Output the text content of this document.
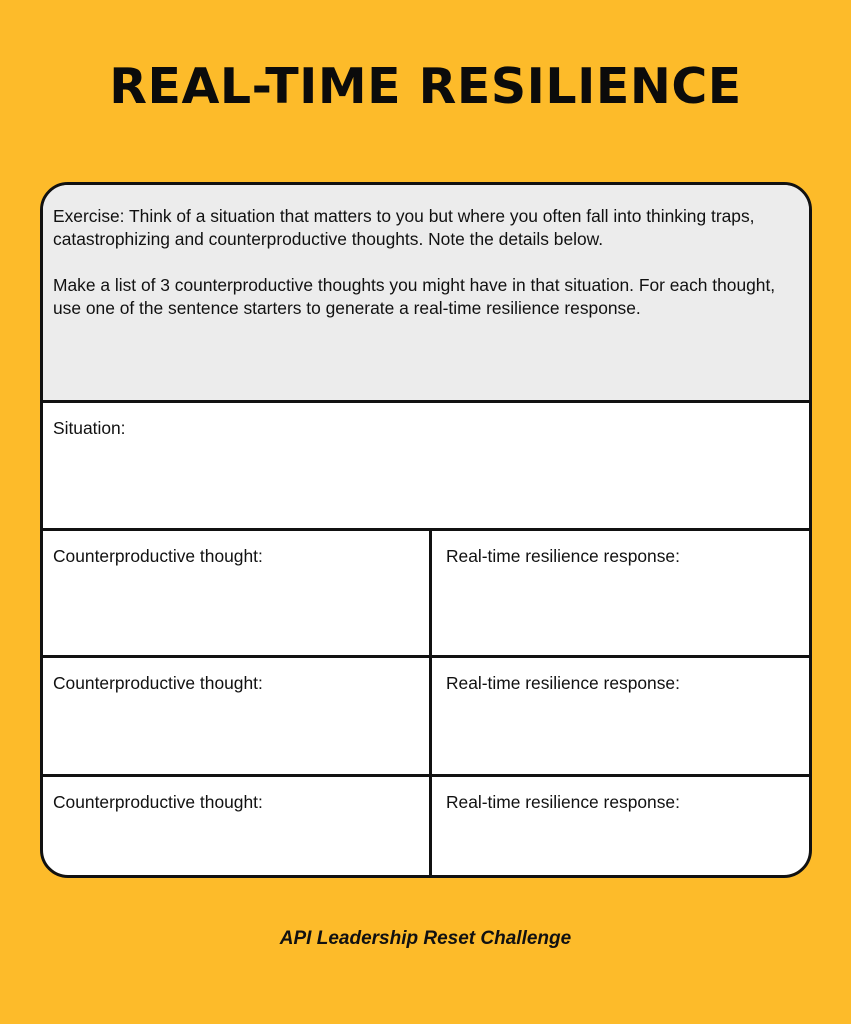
REAL-TIME RESILIENCE

Exercise: Think of a situation that matters to you but where you often fall into thinking traps, catastrophizing and counterproductive thoughts. Note the details below.

Make a list of 3 counterproductive thoughts you might have in that situation. For each thought, use one of the sentence starters to generate a real-time resilience response.

Situation:
Counterproductive thought:	Real-time resilience response:
Counterproductive thought:	Real-time resilience response:
Counterproductive thought:	Real-time resilience response:
API Leadership Reset Challenge
